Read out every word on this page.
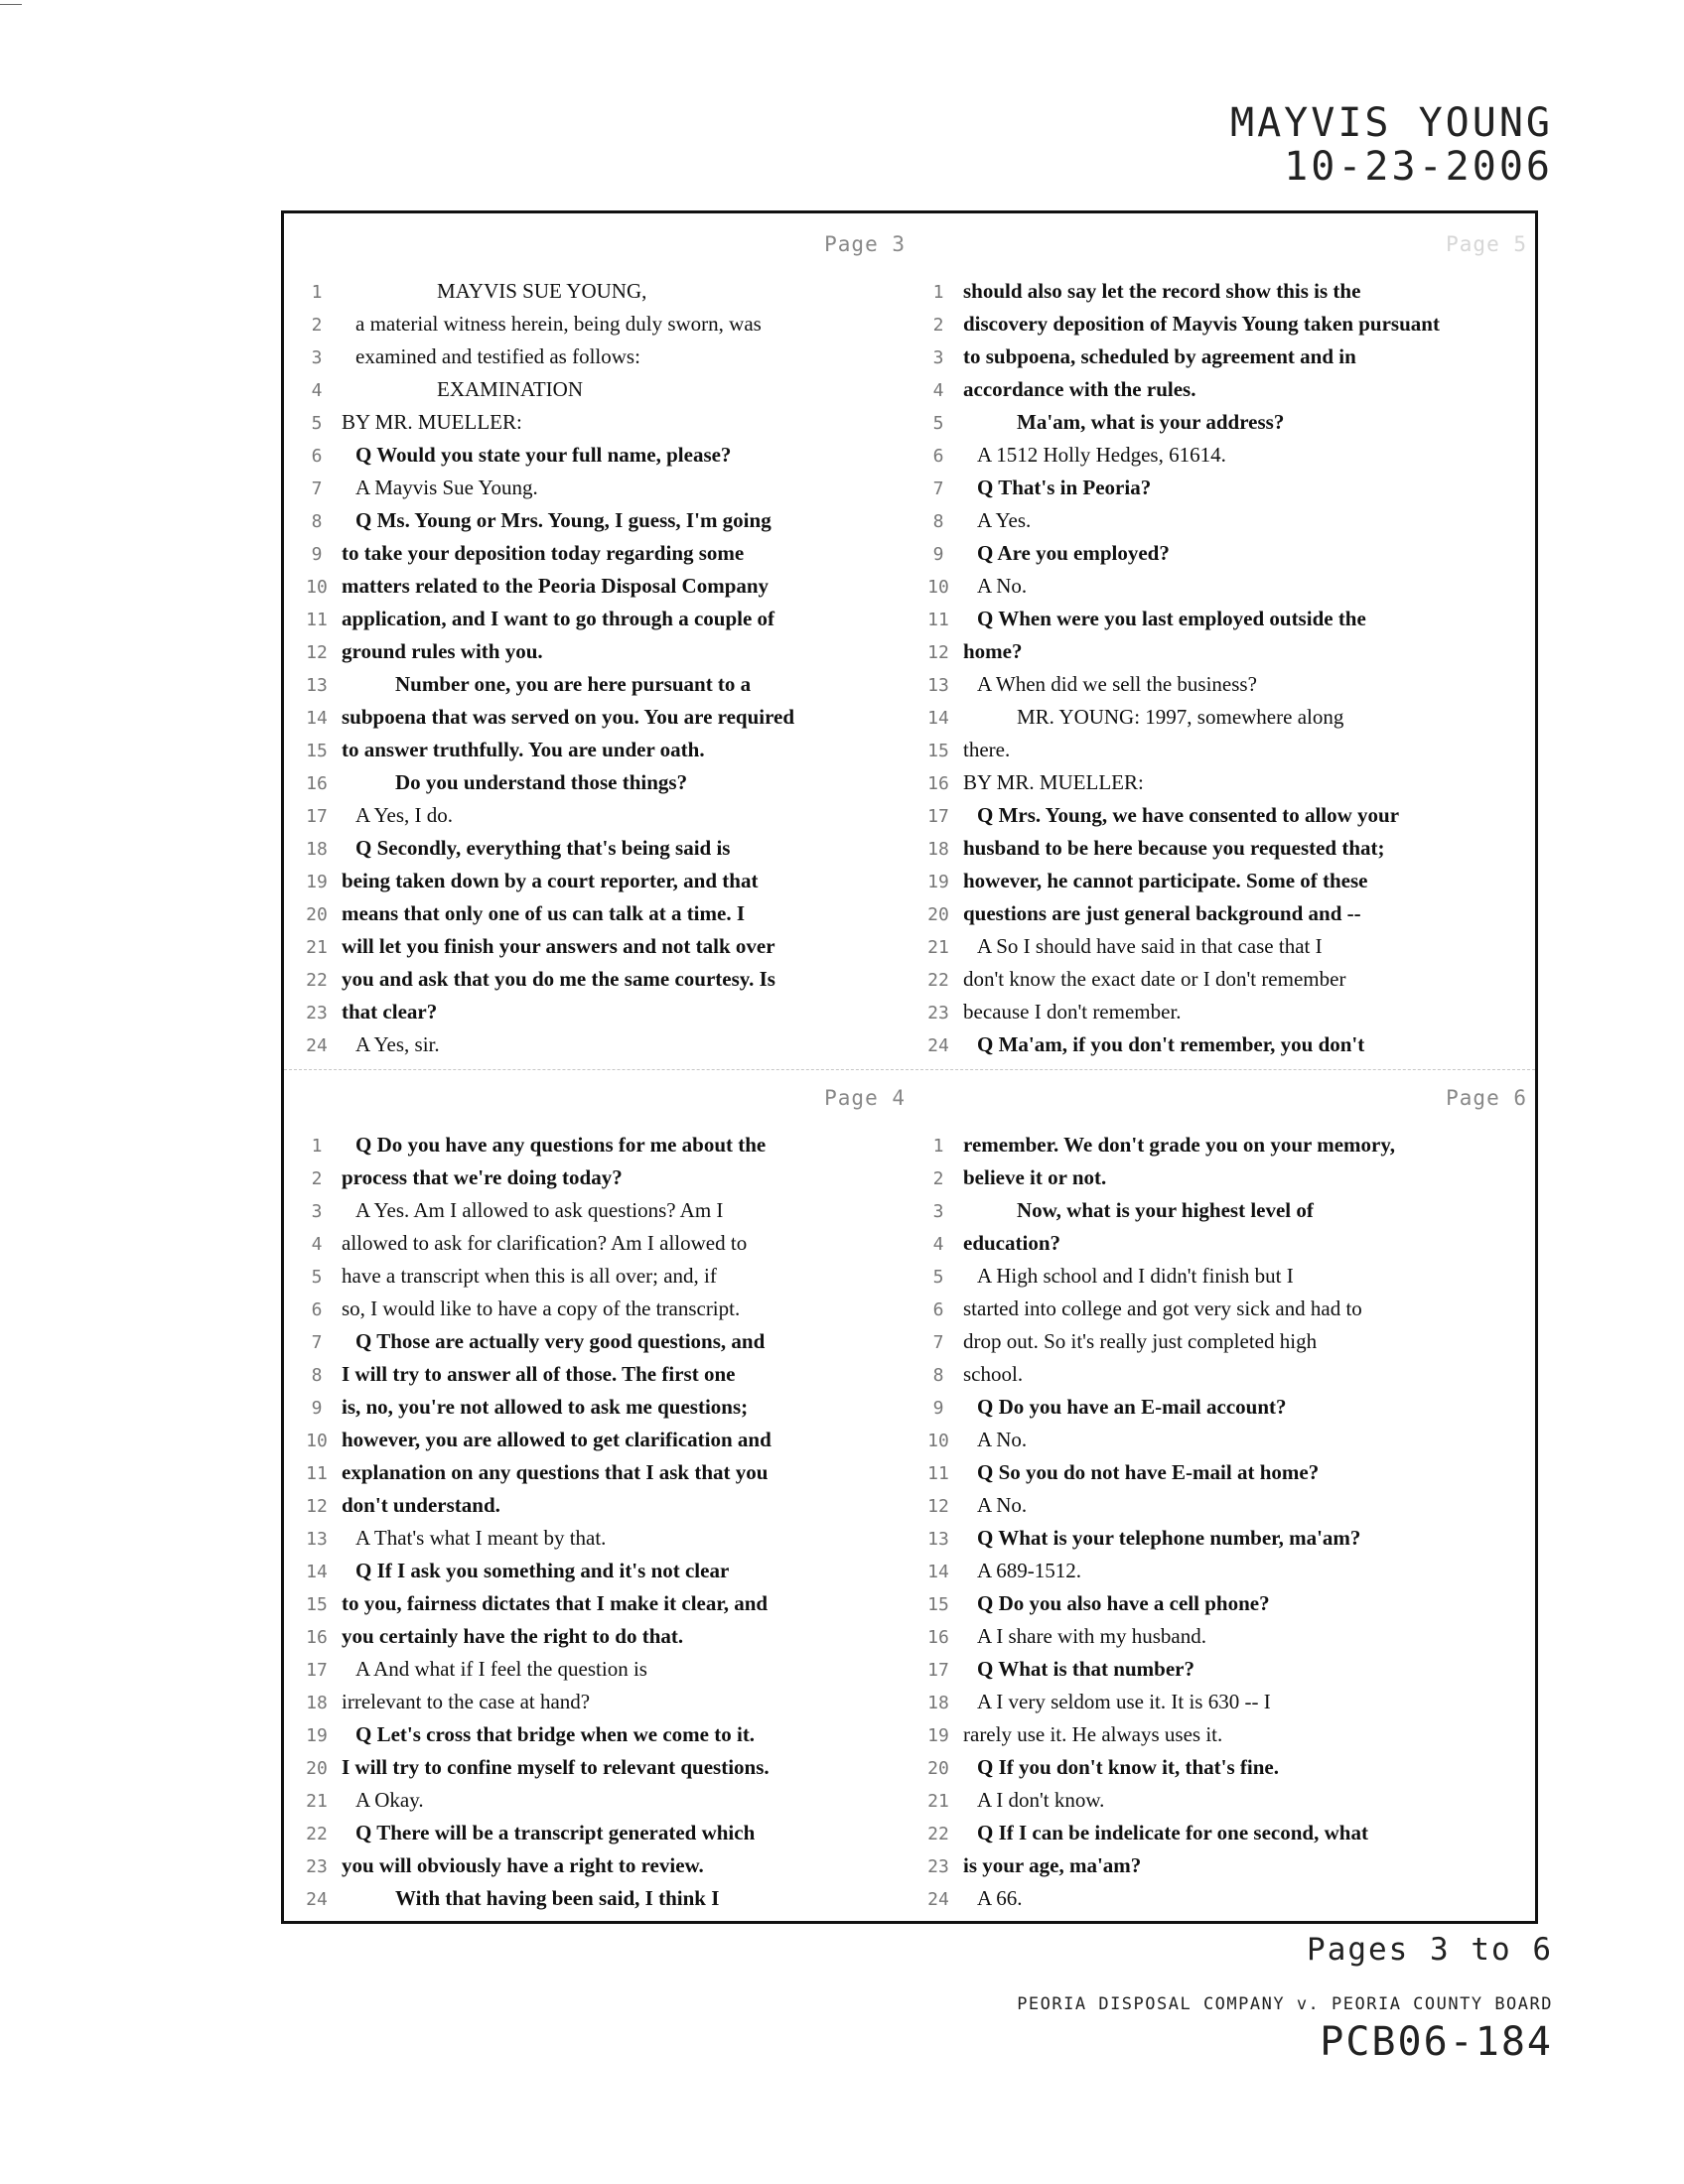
MAYVIS YOUNG
10-23-2006
Page 3
1	MAYVIS SUE YOUNG,
2	a material witness herein, being duly sworn, was
3	examined and testified as follows:
4	EXAMINATION
5 BY MR. MUELLER:
6	Q Would you state your full name, please?
7	A Mayvis Sue Young.
8	Q Ms. Young or Mrs. Young, I guess, I'm going
9 to take your deposition today regarding some
10 matters related to the Peoria Disposal Company
11 application, and I want to go through a couple of
12 ground rules with you.
13	Number one, you are here pursuant to a
14 subpoena that was served on you. You are required
15 to answer truthfully. You are under oath.
16	Do you understand those things?
17	A Yes, I do.
18	Q Secondly, everything that's being said is
19 being taken down by a court reporter, and that
20 means that only one of us can talk at a time. I
21 will let you finish your answers and not talk over
22 you and ask that you do me the same courtesy. Is
23 that clear?
24	A Yes, sir.
Page 5
1 should also say let the record show this is the
2 discovery deposition of Mayvis Young taken pursuant
3 to subpoena, scheduled by agreement and in
4 accordance with the rules.
5	Ma'am, what is your address?
6	A 1512 Holly Hedges, 61614.
7	Q That's in Peoria?
8	A Yes.
9	Q Are you employed?
10	A No.
11	Q When were you last employed outside the
12 home?
13	A When did we sell the business?
14	MR. YOUNG: 1997, somewhere along
15 there.
16 BY MR. MUELLER:
17	Q Mrs. Young, we have consented to allow your
18 husband to be here because you requested that;
19 however, he cannot participate. Some of these
20 questions are just general background and --
21	A So I should have said in that case that I
22 don't know the exact date or I don't remember
23 because I don't remember.
24	Q Ma'am, if you don't remember, you don't
Page 4
1	Q Do you have any questions for me about the
2 process that we're doing today?
3	A Yes. Am I allowed to ask questions? Am I
4 allowed to ask for clarification? Am I allowed to
5 have a transcript when this is all over; and, if
6 so, I would like to have a copy of the transcript.
7	Q Those are actually very good questions, and
8 I will try to answer all of those. The first one
9 is, no, you're not allowed to ask me questions;
10 however, you are allowed to get clarification and
11 explanation on any questions that I ask that you
12 don't understand.
13	A That's what I meant by that.
14	Q If I ask you something and it's not clear
15 to you, fairness dictates that I make it clear, and
16 you certainly have the right to do that.
17	A And what if I feel the question is
18 irrelevant to the case at hand?
19	Q Let's cross that bridge when we come to it.
20 I will try to confine myself to relevant questions.
21	A Okay.
22	Q There will be a transcript generated which
23 you will obviously have a right to review.
24	With that having been said, I think I
Page 6
1 remember. We don't grade you on your memory,
2 believe it or not.
3	Now, what is your highest level of
4 education?
5	A High school and I didn't finish but I
6 started into college and got very sick and had to
7 drop out. So it's really just completed high
8 school.
9	Q Do you have an E-mail account?
10	A No.
11	Q So you do not have E-mail at home?
12	A No.
13	Q What is your telephone number, ma'am?
14	A 689-1512.
15	Q Do you also have a cell phone?
16	A I share with my husband.
17	Q What is that number?
18	A I very seldom use it. It is 630 -- I
19 rarely use it. He always uses it.
20	Q If you don't know it, that's fine.
21	A I don't know.
22	Q If I can be indelicate for one second, what
23 is your age, ma'am?
24	A 66.
Pages 3 to 6
PEORIA DISPOSAL COMPANY v. PEORIA COUNTY BOARD
PCB06-184
